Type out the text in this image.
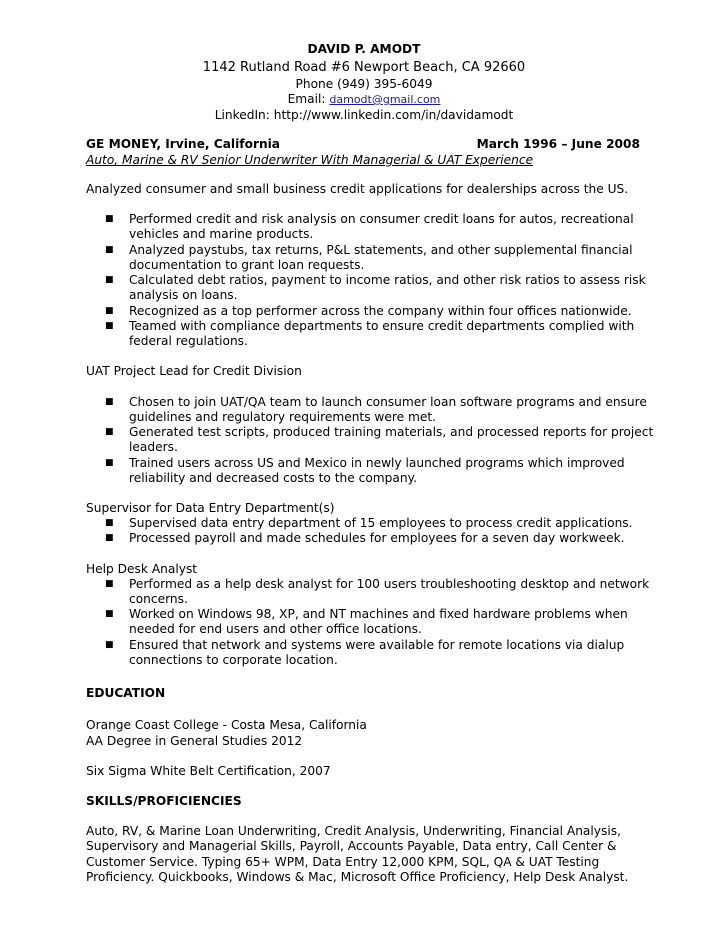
DAVID P. AMODT
1142 Rutland Road #6 Newport Beach, CA 92660
Phone (949) 395-6049
Email: damodt@gmail.com
LinkedIn: http://www.linkedin.com/in/davidamodt
GE MONEY, Irvine, California	March 1996 – June 2008
Auto, Marine & RV Senior Underwriter With Managerial & UAT Experience
Analyzed consumer and small business credit applications for dealerships across the US.
■ Performed credit and risk analysis on consumer credit loans for autos, recreational vehicles and marine products.
■ Analyzed paystubs, tax returns, P&L statements, and other supplemental financial documentation to grant loan requests.
■ Calculated debt ratios, payment to income ratios, and other risk ratios to assess risk analysis on loans.
■ Recognized as a top performer across the company within four offices nationwide.
■ Teamed with compliance departments to ensure credit departments complied with federal regulations.
UAT Project Lead for Credit Division
■ Chosen to join UAT/QA team to launch consumer loan software programs and ensure guidelines and regulatory requirements were met.
■ Generated test scripts, produced training materials, and processed reports for project leaders.
■ Trained users across US and Mexico in newly launched programs which improved reliability and decreased costs to the company.
Supervisor for Data Entry Department(s)
■ Supervised data entry department of 15 employees to process credit applications.
■ Processed payroll and made schedules for employees for a seven day workweek.
Help Desk Analyst
■ Performed as a help desk analyst for 100 users troubleshooting desktop and network concerns.
■ Worked on Windows 98, XP, and NT machines and fixed hardware problems when needed for end users and other office locations.
■ Ensured that network and systems were available for remote locations via dialup connections to corporate location.
EDUCATION
Orange Coast College - Costa Mesa, California
AA Degree in General Studies 2012
Six Sigma White Belt Certification, 2007
SKILLS/PROFICIENCIES
Auto, RV, & Marine Loan Underwriting, Credit Analysis, Underwriting, Financial Analysis,
Supervisory and Managerial Skills, Payroll, Accounts Payable, Data entry, Call Center &
Customer Service. Typing 65+ WPM, Data Entry 12,000 KPM, SQL, QA & UAT Testing
Proficiency. Quickbooks, Windows & Mac, Microsoft Office Proficiency, Help Desk Analyst.
